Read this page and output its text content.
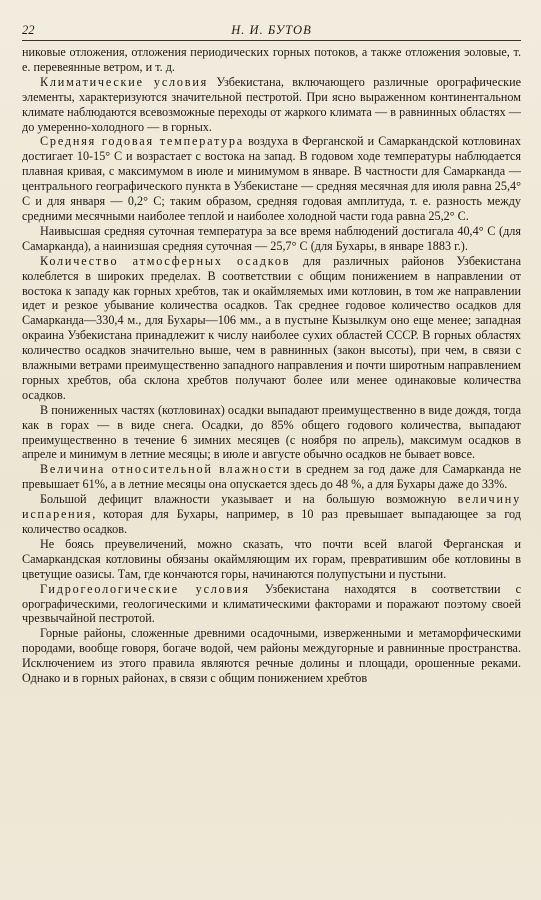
22	Н. И. БУТОВ

никовые отложения, отложения периодических горных потоков, а также отложения эоловые, т. е. перевеянные ветром, и т. д.

Климатические условия Узбекистана, включающего различные орографические элементы, характеризуются значительной пестротой. При ясно выраженном континентальном климате наблюдаются всевозможные переходы от жаркого климата — в равнинных областях — до умеренно-холодного — в горных.

Средняя годовая температура воздуха в Ферганской и Самаркандской котловинах достигает 10-15° С и возрастает с востока на запад. В годовом ходе температуры наблюдается плавная кривая, с максимумом в июле и минимумом в январе. В частности для Самарканда — центрального географического пункта в Узбекистане — средняя месячная для июля равна 25,4° С и для января — 0,2° С; таким образом, средняя годовая амплитуда, т. е. разность между средними месячными наиболее теплой и наиболее холодной части года равна 25,2° С.

Наивысшая средняя суточная температура за все время наблюдений достигала 40,4° С (для Самарканда), а наинизшая средняя суточная — 25,7° С (для Бухары, в январе 1883 г.).

Количество атмосферных осадков для различных районов Узбекистана колеблется в широких пределах. В соответствии с общим понижением в направлении от востока к западу как горных хребтов, так и окаймляемых ими котловин, в том же направлении идет и резкое убывание количества осадков. Так среднее годовое количество осадков для Самарканда—330,4 м., для Бухары—106 мм., а в пустыне Кызылкум оно еще менее; западная окраина Узбекистана принадлежит к числу наиболее сухих областей СССР. В горных областях количество осадков значительно выше, чем в равнинных (закон высоты), при чем, в связи с влажными ветрами преимущественно западного направления и почти широтным направлением горных хребтов, оба склона хребтов получают более или менее одинаковые количества осадков.

В пониженных частях (котловинах) осадки выпадают преимущественно в виде дождя, тогда как в горах — в виде снега. Осадки, до 85% общего годового количества, выпадают преимущественно в течение 6 зимних месяцев (с ноября по апрель), максимум осадков в апреле и минимум в летние месяцы; в июле и августе обычно осадков не бывает вовсе.

Величина относительной влажности в среднем за год даже для Самарканда не превышает 61%, а в летние месяцы она опускается здесь до 48 %, а для Бухары даже до 33%.

Большой дефицит влажности указывает и на большую возможную величину испарения, которая для Бухары, например, в 10 раз превышает выпадающее за год количество осадков.

Не боясь преувеличений, можно сказать, что почти всей влагой Ферганская и Самаркандская котловины обязаны окаймляющим их горам, превратившим обе котловины в цветущие оазисы. Там, где кончаются горы, начинаются полупустыни и пустыни.

Гидрогеологические условия Узбекистана находятся в соответствии с орографическими, геологическими и климатическими факторами и поражают поэтому своей чрезвычайной пестротой.

Горные районы, сложенные древними осадочными, изверженными и метаморфическими породами, вообще говоря, богаче водой, чем районы междугорные и равнинные пространства. Исключением из этого правила являются речные долины и площади, орошенные реками. Однако и в горных районах, в связи с общим понижением хребтов
